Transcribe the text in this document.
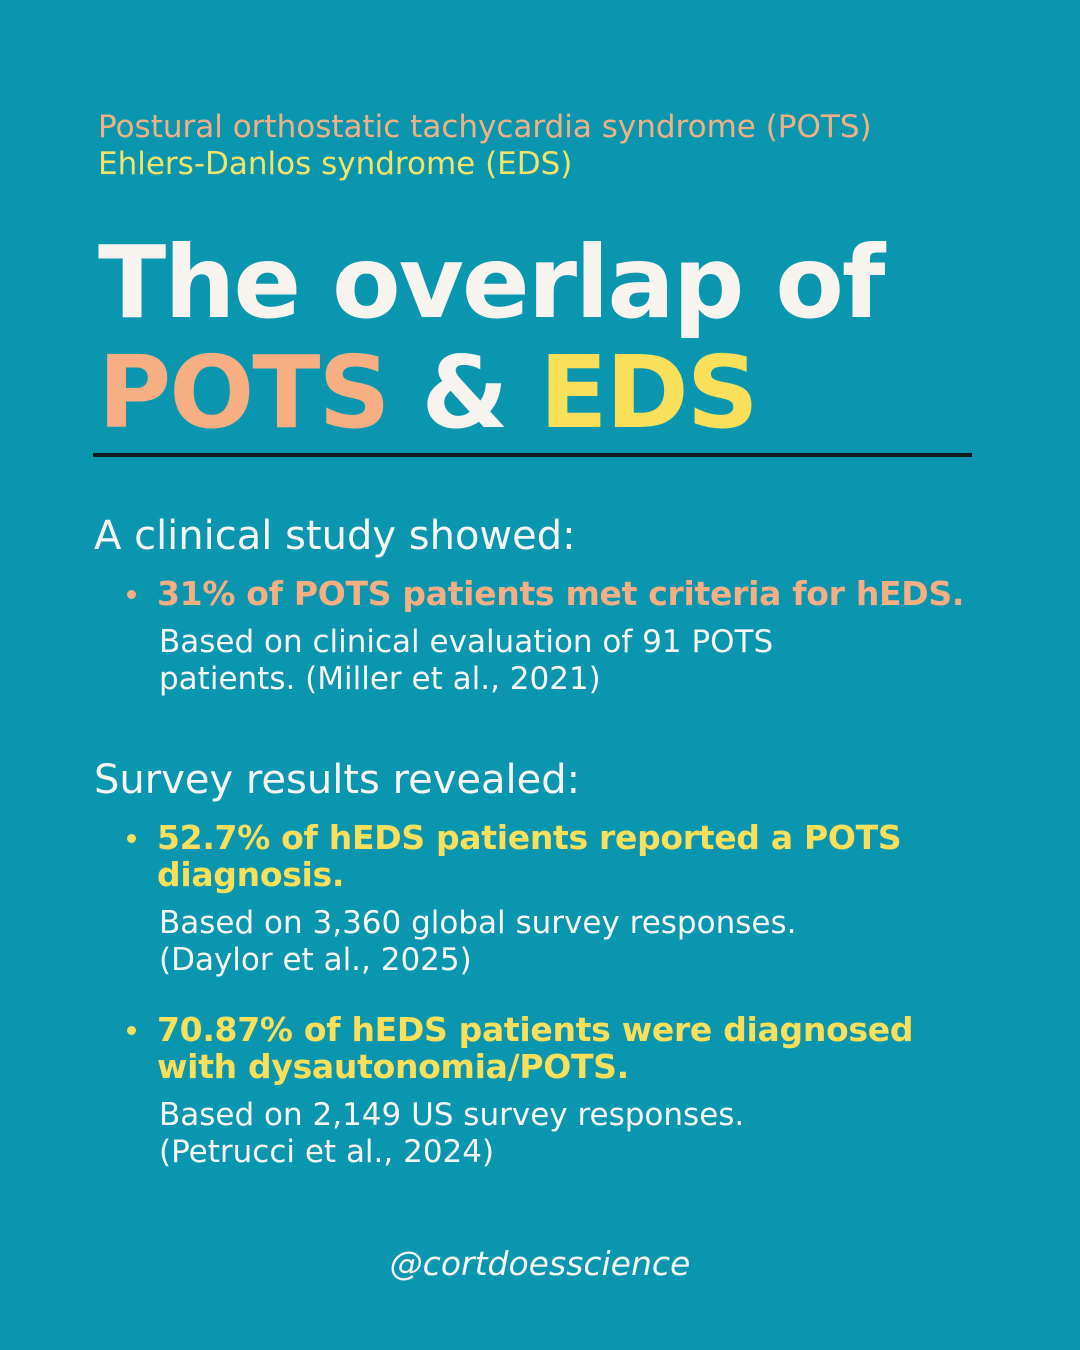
Postural orthostatic tachycardia syndrome (POTS)
Ehlers-Danlos syndrome (EDS)
The overlap of
POTS & EDS
A clinical study showed:
31% of POTS patients met criteria for hEDS.
Based on clinical evaluation of 91 POTS
patients. (Miller et al., 2021)
Survey results revealed:
52.7% of hEDS patients reported a POTS diagnosis.
Based on 3,360 global survey responses.
(Daylor et al., 2025)
70.87% of hEDS patients were diagnosed with dysautonomia/POTS.
Based on 2,149 US survey responses.
(Petrucci et al., 2024)
@cortdoesscience
